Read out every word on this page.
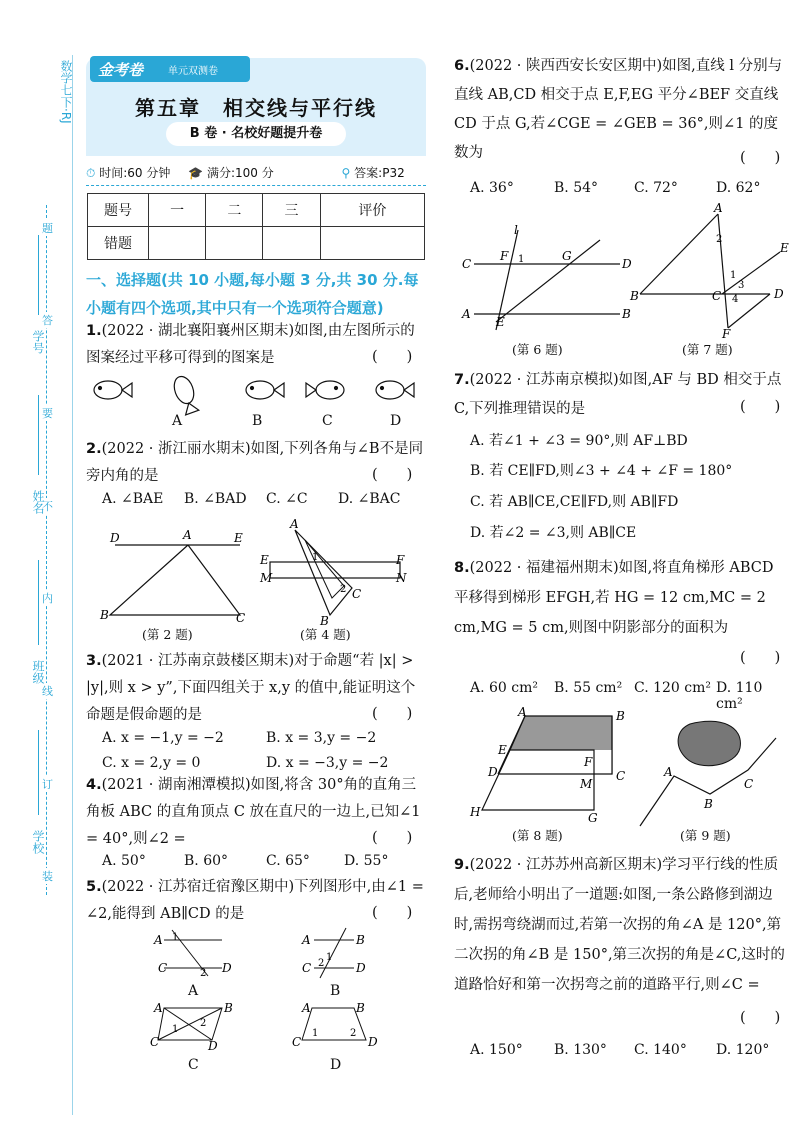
数学七下·RJ
题
答
要
不
内
线
订
装
学号
姓名
班级
学校
金考卷 单元双测卷
第五章　相交线与平行线
B 卷 · 名校好题提升卷
⏱ 时间:60 分钟 🎓 满分:100 分	⚲ 答案:P32
题号	一	二	三	评价
错题				
一、选择题(共 10 小题,每小题 3 分,共 30 分.每小题有四个选项,其中只有一个选项符合题意)
1.(2022 · 湖北襄阳襄州区期末)如图,由左图所示的图案经过平移可得到的图案是	(　　)
A	B	C	D
2.(2022 · 浙江丽水期末)如图,下列各角与∠B不是同旁内角的是	(　　)
A. ∠BAE B. ∠BAD C. ∠C D. ∠BAC
D	A	E
B	C
(第 2 题)
A
E
M
F
N
B
C
1
2
(第 4 题)
3.(2021 · 江苏南京鼓楼区期末)对于命题“若 |x| > |y|,则 x > y”,下面四组关于 x,y 的值中,能证明这个命题是假命题的是	(　　)
A. x = −1,y = −2	B. x = 3,y = −2
C. x = 2,y = 0	D. x = −3,y = −2
4.(2021 · 湖南湘潭模拟)如图,将含 30°角的直角三角板 ABC 的直角顶点 C 放在直尺的一边上,已知∠1 = 40°,则∠2 =	(　　)
A. 50°	B. 60°	C. 65° D. 55°
5.(2022 · 江苏宿迁宿豫区期中)下列图形中,由∠1 = ∠2,能得到 AB∥CD 的是	(　　)
A
C	D
1
2
A	B
C	D
2
1
A	B
C	D
1
2
A	B
C	D
1	2
A	B
C	D
6.(2022 · 陕西西安长安区期中)如图,直线 l 分别与直线 AB,CD 相交于点 E,F,EG 平分∠BEF 交直线 CD 于点 G,若∠CGE = ∠GEB = 36°,则∠1 的度数为	(　　)
A. 36°	B. 54°	C. 72°	D. 62°
l
C	D
A	B
F	G
E
1
(第 6 题)
A
B	C	D
E
F
2
1
3
4
(第 7 题)
7.(2022 · 江苏南京模拟)如图,AF 与 BD 相交于点 C,下列推理错误的是	(　　)
A. 若∠1 + ∠3 = 90°,则 AF⊥BD
B. 若 CE∥FD,则∠3 + ∠4 + ∠F = 180°
C. 若 AB∥CE,CE∥FD,则 AB∥FD
D. 若∠2 = ∠3,则 AB∥CE
8.(2022 · 福建福州期末)如图,将直角梯形 ABCD 平移得到梯形 EFGH,若 HG = 12 cm,MC = 2 cm,MG = 5 cm,则图中阴影部分的面积为
(　　)
A. 60 cm² B. 55 cm² C. 120 cm² D. 110 cm²
A	B
E
D
F
C
M
H	G
(第 8 题)
A
B
C
(第 9 题)
9.(2022 · 江苏苏州高新区期末)学习平行线的性质后,老师给小明出了一道题:如图,一条公路修到湖边时,需拐弯绕湖而过,若第一次拐的角∠A 是 120°,第二次拐的角∠B 是 150°,第三次拐的角是∠C,这时的道路恰好和第一次拐弯之前的道路平行,则∠C =
(　　)
A. 150° B. 130° C. 140° D. 120°
